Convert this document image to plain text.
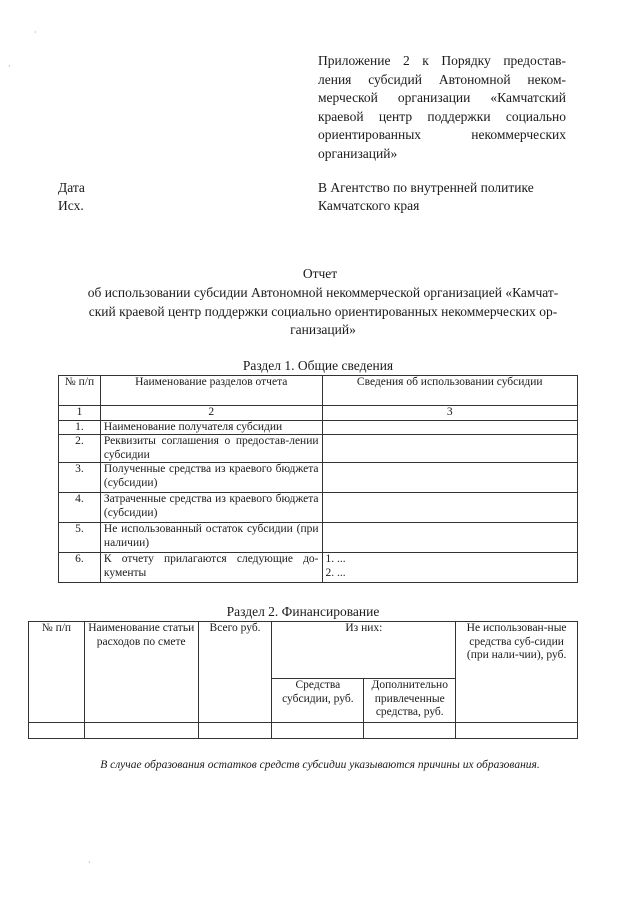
·
·	Приложение 2 к Порядку предостав-
ления субсидий Автономной неком-
мерческой организации «Камчатский
краевой центр поддержки социально
ориентированных некоммерческих
организаций»
Дата
Исх.
В Агентство по внутренней политике
Камчатского края
Отчет
об использовании субсидии Автономной некоммерческой организацией «Камчат-
ский краевой центр поддержки социально ориентированных некоммерческих ор-
ганизаций»
Раздел 1. Общие сведения
№ п/п	Наименование разделов отчета	Сведения об использовании субсидии
1	2	3
1.	Наименование получателя субсидии	
2.	Реквизиты соглашения о предостав-лении субсидии	
3.	Полученные средства из краевого бюджета (субсидии)	
4.	Затраченные средства из краевого бюджета (субсидии)	
5.	Не использованный остаток субсидии (при наличии)	
6.	К отчету прилагаются следующие до-кументы	1. ...
2. ...
Раздел 2. Финансирование
№ п/п	Наименование статьи расходов по смете	Всего руб.	Из них:		Не использован-ные средства суб-сидии (при нали-чии), руб.
			Средства субсидии, руб.	Дополнительно привлеченные средства, руб.	

В случае образования остатков средств субсидии указываются причины их образования.
·
